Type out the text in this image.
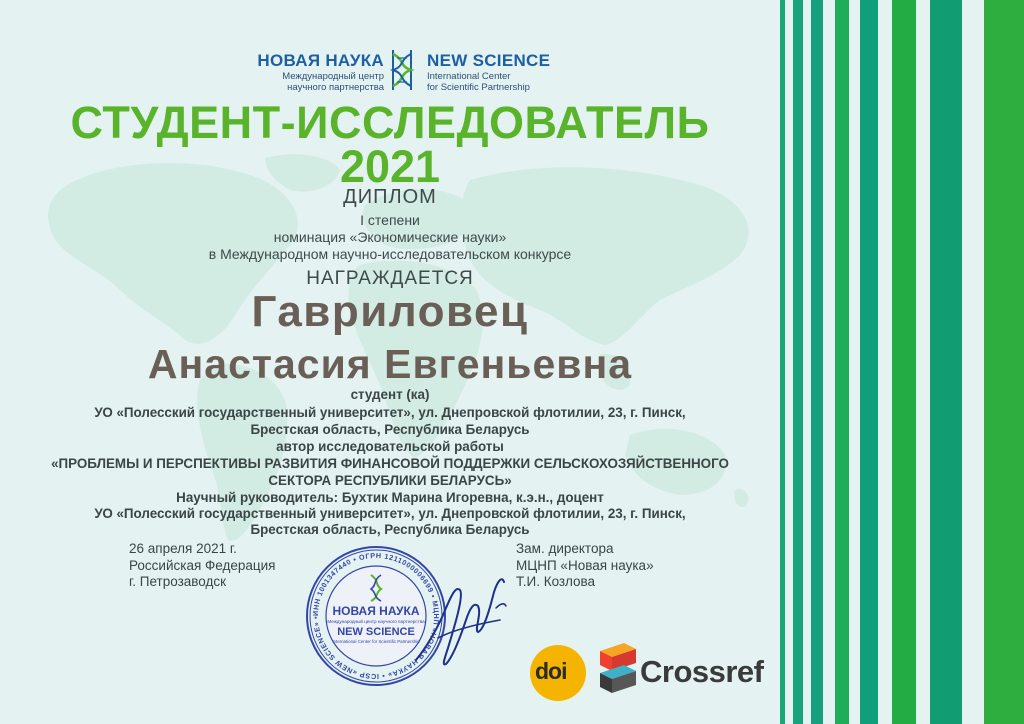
НОВАЯ НАУКА
Международный центр
научного партнерства
NEW SCIENCE
International Center
for Scientific Partnership
СТУДЕНТ-ИССЛЕДОВАТЕЛЬ
2021
ДИПЛОМ
I степени
номинация «Экономические науки»
в Международном научно-исследовательском конкурсе
НАГРАЖДАЕТСЯ
Гавриловец
Анастасия Евгеньевна
студент (ка)
УО «Полесский государственный университет», ул. Днепровской флотилии, 23, г. Пинск,
Брестская область, Республика Беларусь
автор исследовательской работы
«ПРОБЛЕМЫ И ПЕРСПЕКТИВЫ РАЗВИТИЯ ФИНАНСОВОЙ ПОДДЕРЖКИ СЕЛЬСКОХОЗЯЙСТВЕННОГО
СЕКТОРА РЕСПУБЛИКИ БЕЛАРУСЬ»
Научный руководитель: Бухтик Марина Игоревна, к.э.н., доцент
УО «Полесский государственный университет», ул. Днепровской флотилии, 23, г. Пинск,
Брестская область, Республика Беларусь
26 апреля 2021 г.
Российская Федерация
г. Петрозаводск
Зам. директора
МЦНП «Новая наука»
Т.И. Козлова
ИНН 1001347440 • ОГРН 1211000006699 • МЦНП «НОВАЯ НАУКА» • ICSP «NEW SCIENCE» •	НОВАЯ НАУКА
Международный центр научного партнерства
NEW SCIENCE
International Center for Scientific Partnership
doi Crossref
